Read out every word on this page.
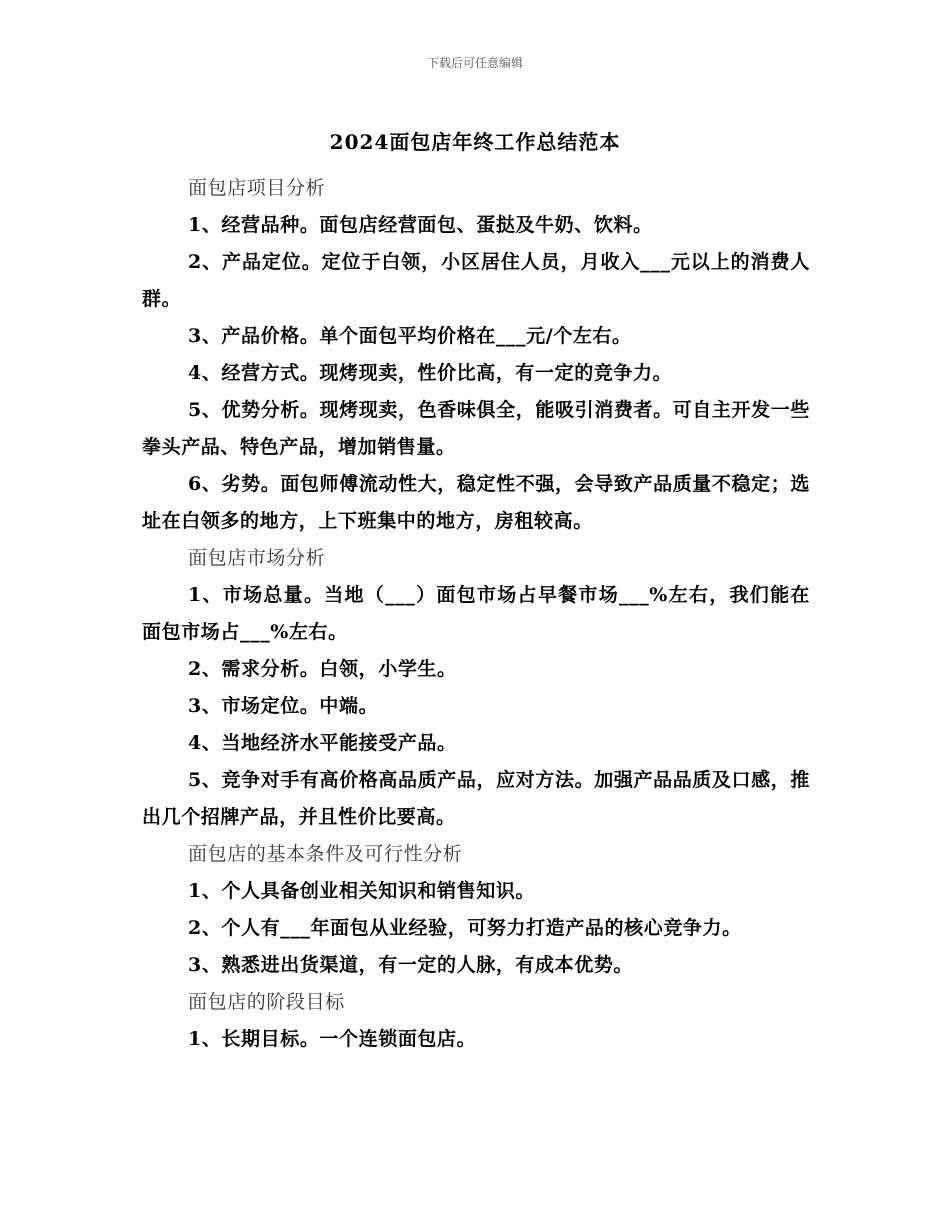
下载后可任意编辑
2024面包店年终工作总结范本

面包店项目分析

1、经营品种。面包店经营面包、蛋挞及牛奶、饮料。

2、产品定位。定位于白领，小区居住人员，月收入___元以上的消费人群。

3、产品价格。单个面包平均价格在___元/个左右。

4、经营方式。现烤现卖，性价比高，有一定的竞争力。

5、优势分析。现烤现卖，色香味俱全，能吸引消费者。可自主开发一些拳头产品、特色产品，增加销售量。

6、劣势。面包师傅流动性大，稳定性不强，会导致产品质量不稳定；选址在白领多的地方，上下班集中的地方，房租较高。

面包店市场分析

1、市场总量。当地（___）面包市场占早餐市场___%左右，我们能在面包市场占___%左右。

2、需求分析。白领，小学生。

3、市场定位。中端。

4、当地经济水平能接受产品。

5、竞争对手有高价格高品质产品，应对方法。加强产品品质及口感，推出几个招牌产品，并且性价比要高。

面包店的基本条件及可行性分析

1、个人具备创业相关知识和销售知识。

2、个人有___年面包从业经验，可努力打造产品的核心竞争力。

3、熟悉进出货渠道，有一定的人脉，有成本优势。

面包店的阶段目标

1、长期目标。一个连锁面包店。
